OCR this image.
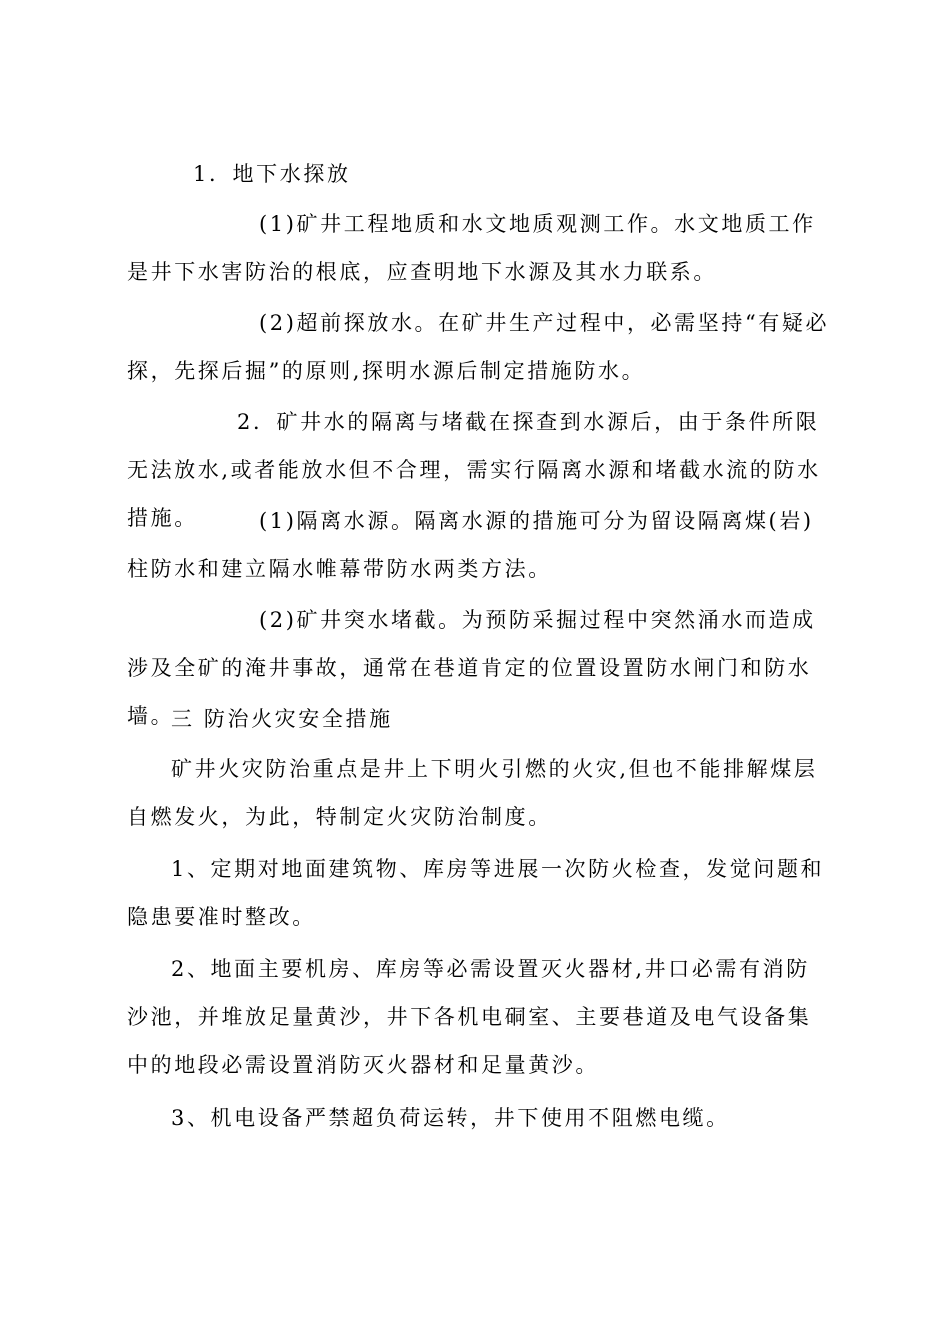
1．地下水探放

(1)矿井工程地质和水文地质观测工作。水文地质工作是井下水害防治的根底，应查明地下水源及其水力联系。

(2)超前探放水。在矿井生产过程中，必需坚持“有疑必探，先探后掘”的原则,探明水源后制定措施防水。

2．矿井水的隔离与堵截在探查到水源后，由于条件所限无法放水,或者能放水但不合理，需实行隔离水源和堵截水流的防水措施。	(1)隔离水源。隔离水源的措施可分为留设隔离煤(岩)柱防水和建立隔水帷幕带防水两类方法。

(2)矿井突水堵截。为预防采掘过程中突然涌水而造成涉及全矿的淹井事故，通常在巷道肯定的位置设置防水闸门和防水墙。

三 防治火灾安全措施

矿井火灾防治重点是井上下明火引燃的火灾,但也不能排解煤层自燃发火，为此，特制定火灾防治制度。

1、定期对地面建筑物、库房等进展一次防火检查，发觉问题和隐患要准时整改。

2、地面主要机房、库房等必需设置灭火器材,井口必需有消防沙池，并堆放足量黄沙，井下各机电硐室、主要巷道及电气设备集中的地段必需设置消防灭火器材和足量黄沙。

3、机电设备严禁超负荷运转，井下使用不阻燃电缆。
